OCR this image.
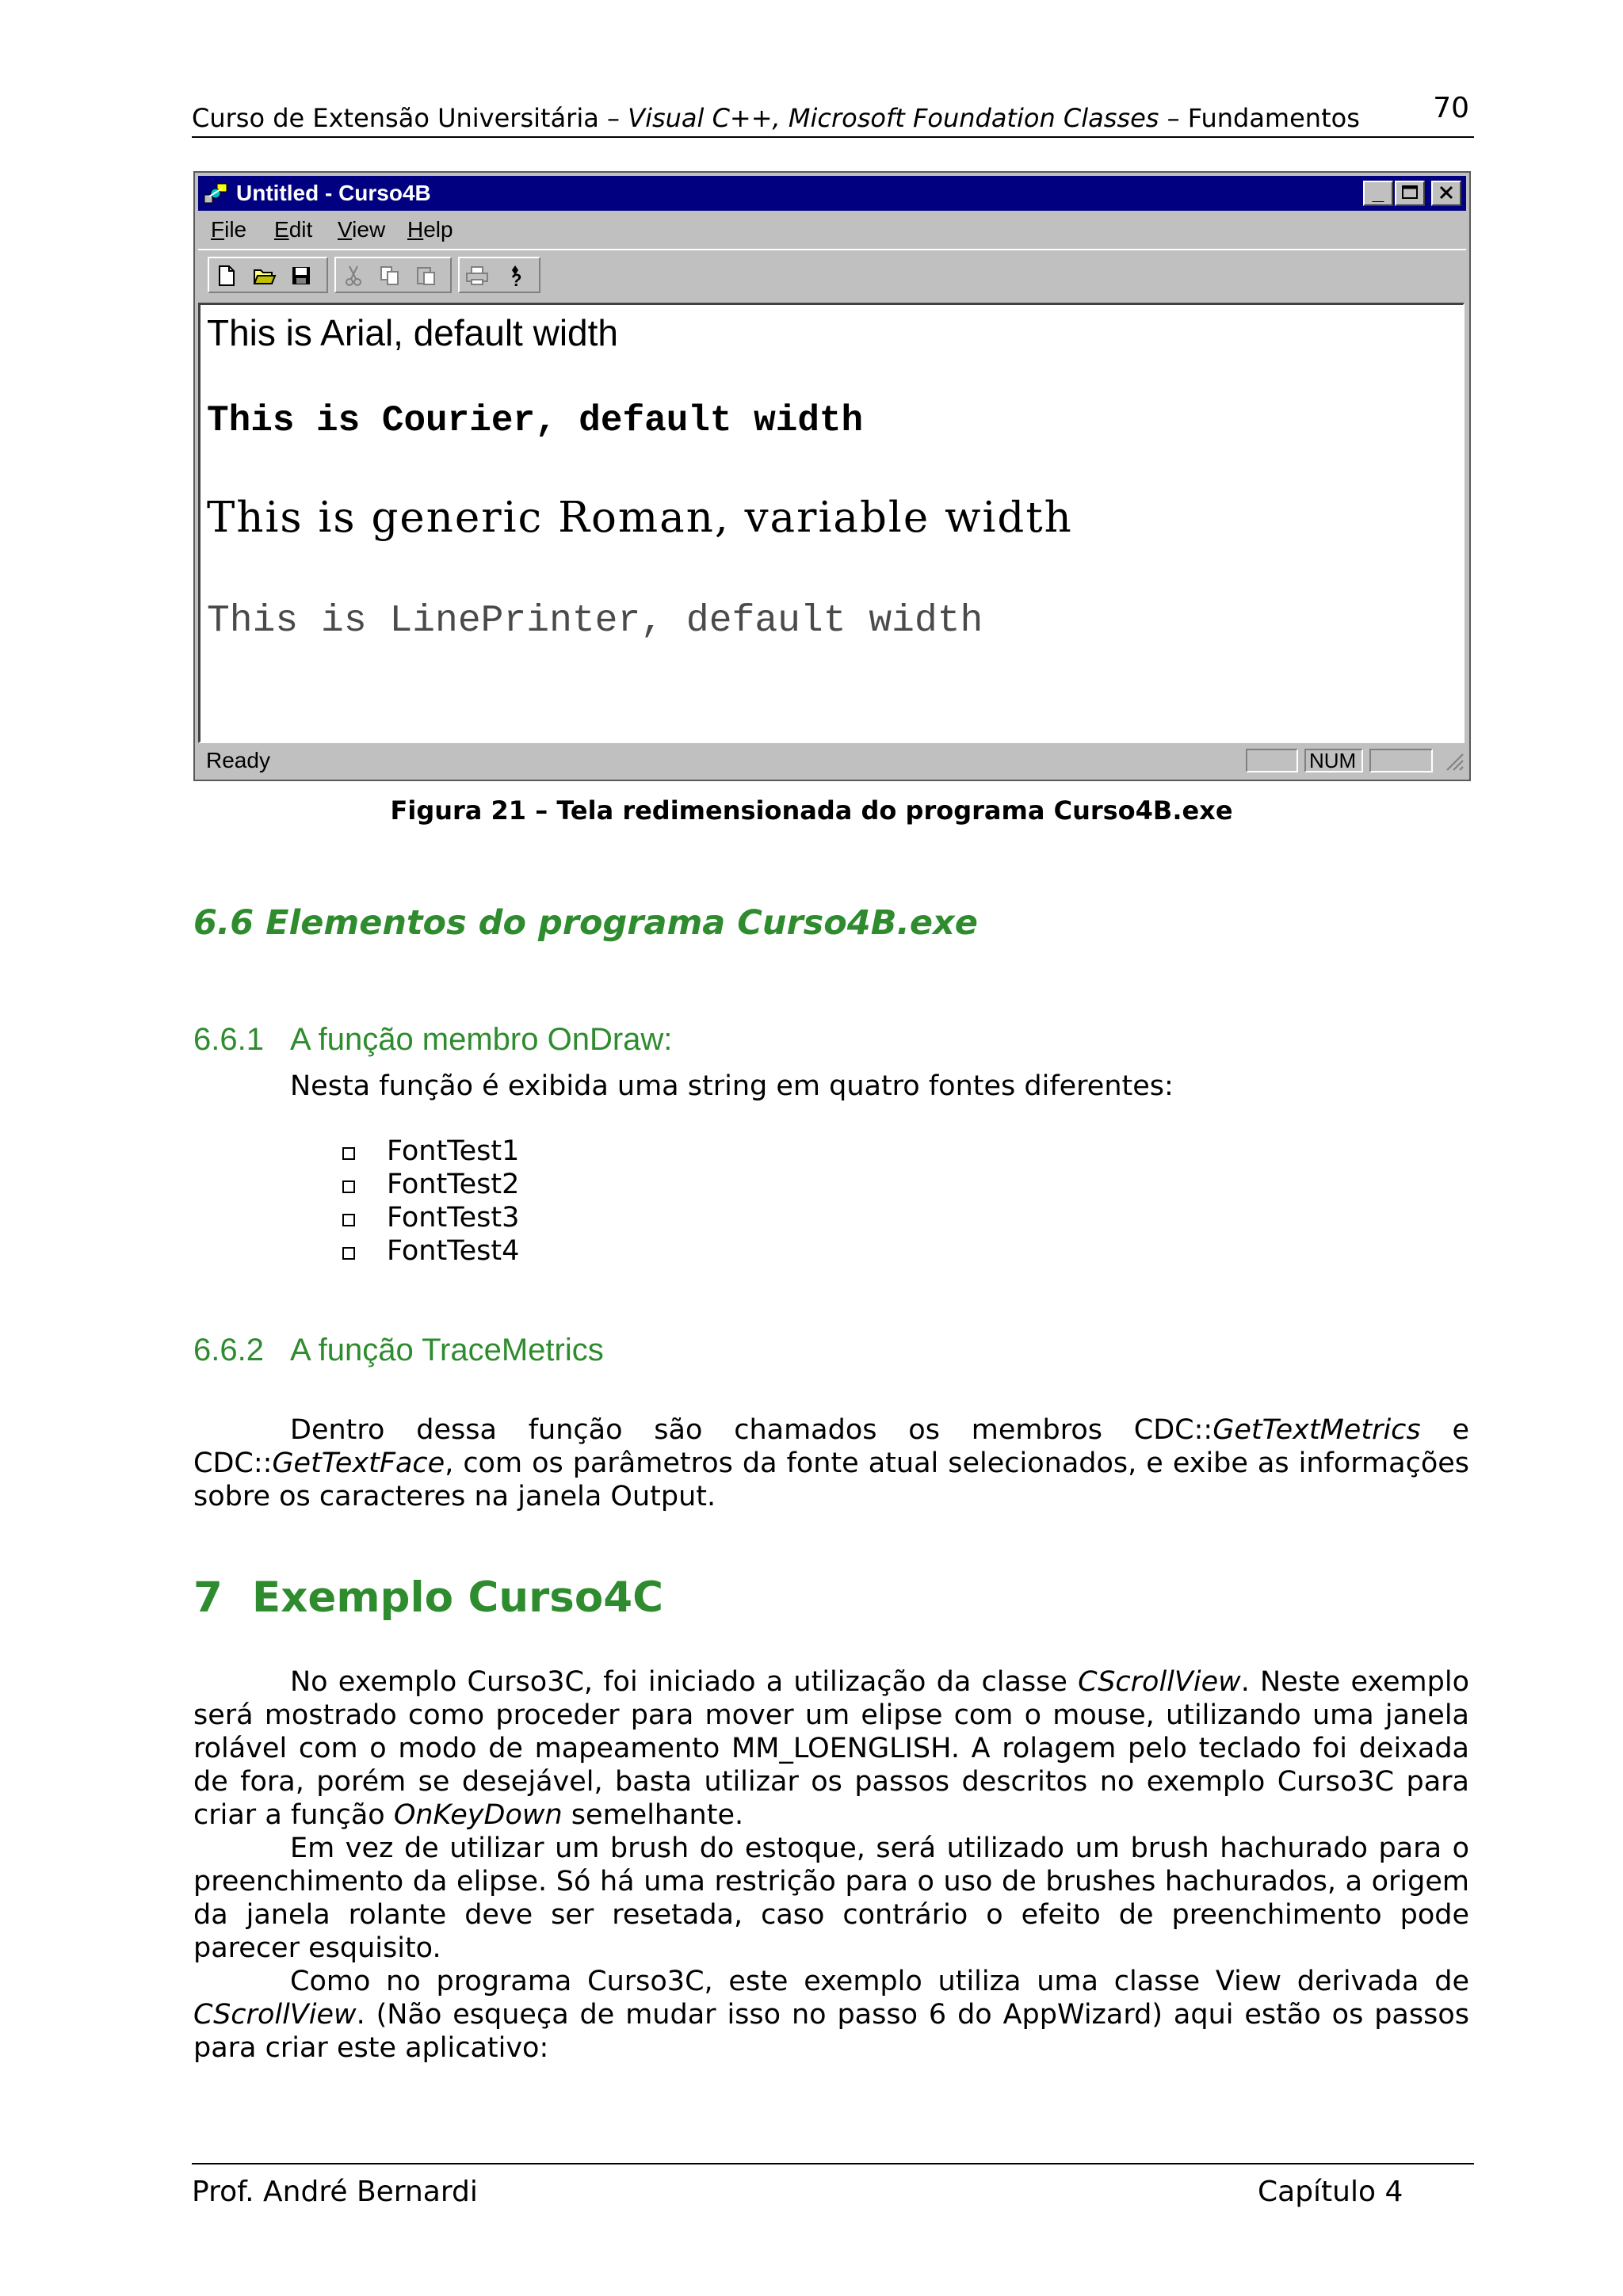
Curso de Extensão Universitária – Visual C++, Microsoft Foundation Classes – Fundamentos	70
Untitled - Curso4B	_
File Edit View Help
?
This is Arial, default width
This is Courier, default width
This is generic Roman, variable width
This is LinePrinter, default width
Ready	NUM
Figura 21 – Tela redimensionada do programa Curso4B.exe
6.6 Elementos do programa Curso4B.exe
6.6.1 A função membro OnDraw:
Nesta função é exibida uma string em quatro fontes diferentes:
FontTest1
FontTest2
FontTest3
FontTest4
6.6.2 A função TraceMetrics
Dentro dessa função são chamados os membros CDC::GetTextMetrics e CDC::GetTextFace, com os parâmetros da fonte atual selecionados, e exibe as informações sobre os caracteres na janela Output.
7 Exemplo Curso4C
No exemplo Curso3C, foi iniciado a utilização da classe CScrollView. Neste exemplo será mostrado como proceder para mover um elipse com o mouse, utilizando uma janela rolável com o modo de mapeamento MM_LOENGLISH. A rolagem pelo teclado foi deixada de fora, porém se desejável, basta utilizar os passos descritos no exemplo Curso3C para criar a função OnKeyDown semelhante.
Em vez de utilizar um brush do estoque, será utilizado um brush hachurado para o preenchimento da elipse. Só há uma restrição para o uso de brushes hachurados, a origem da janela rolante deve ser resetada, caso contrário o efeito de preenchimento pode parecer esquisito.
Como no programa Curso3C, este exemplo utiliza uma classe View derivada de CScrollView. (Não esqueça de mudar isso no passo 6 do AppWizard) aqui estão os passos para criar este aplicativo:
Prof. André Bernardi	Capítulo 4
